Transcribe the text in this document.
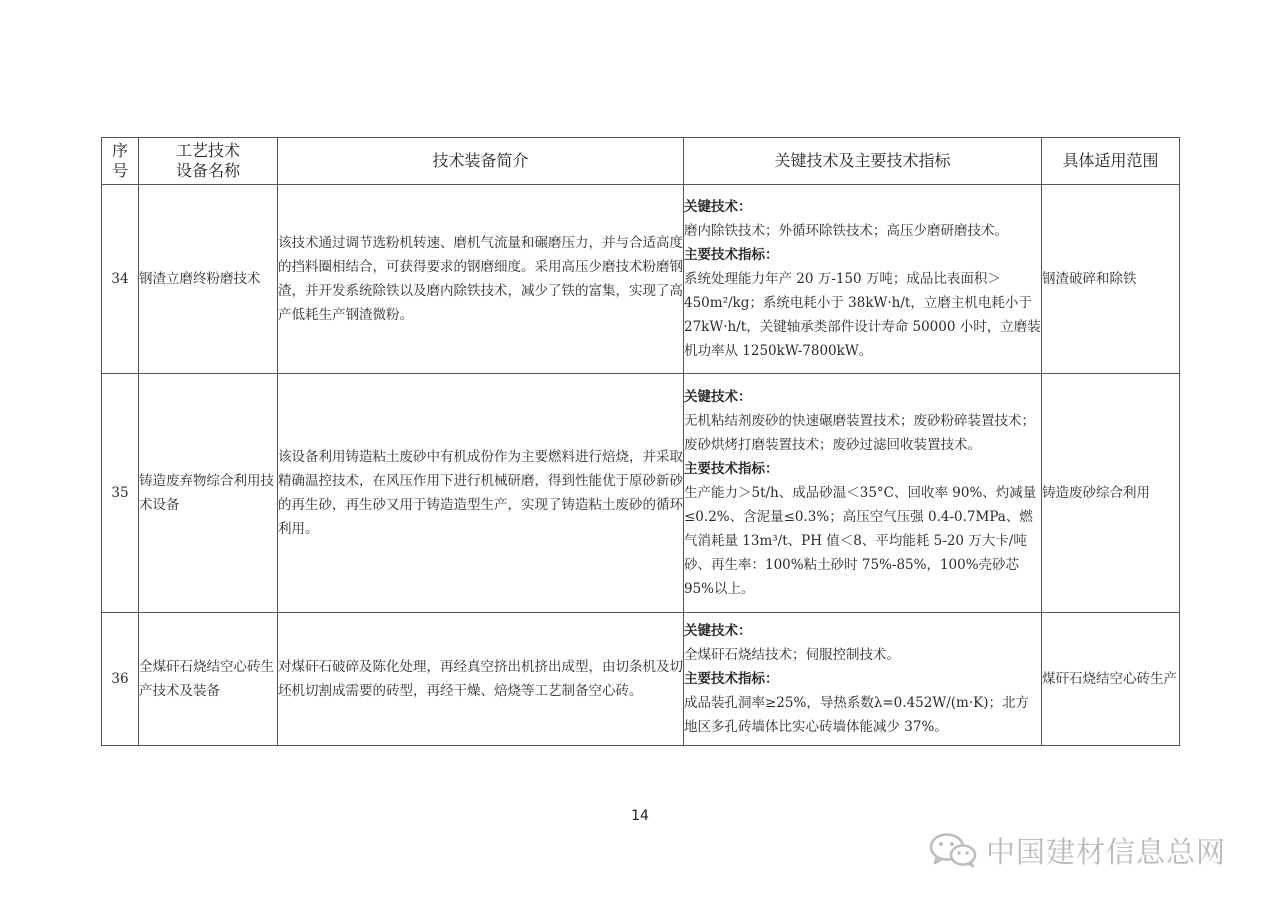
序号	工艺技术设备名称	技术装备简介	关键技术及主要技术指标	具体适用范围
34	钢渣立磨终粉磨技术	该技术通过调节选粉机转速、磨机气流量和碾磨压力，并与合适高度的挡料圈相结合，可获得要求的钢磨细度。采用高压少磨技术粉磨钢渣，并开发系统除铁以及磨内除铁技术，减少了铁的富集，实现了高产低耗生产钢渣微粉。	关键技术：
磨内除铁技术；外循环除铁技术；高压少磨研磨技术。
主要技术指标：
系统处理能力年产 20 万-150 万吨；成品比表面积＞450m²/kg；系统电耗小于 38kW·h/t，立磨主机电耗小于 27kW·h/t，关键轴承类部件设计寿命 50000 小时，立磨装机功率从 1250kW-7800kW。	钢渣破碎和除铁
35	铸造废弃物综合利用技术设备	该设备利用铸造粘土废砂中有机成份作为主要燃料进行焙烧，并采取精确温控技术，在风压作用下进行机械研磨，得到性能优于原砂新砂的再生砂，再生砂又用于铸造造型生产，实现了铸造粘土废砂的循环利用。	关键技术：
无机粘结剂废砂的快速碾磨装置技术；废砂粉碎装置技术；废砂烘烤打磨装置技术；废砂过滤回收装置技术。
主要技术指标：
生产能力＞5t/h、成品砂温＜35°C、回收率 90%、灼减量≤0.2%、含泥量≤0.3%；高压空气压强 0.4-0.7MPa、燃气消耗量 13m³/t、PH 值＜8、平均能耗 5-20 万大卡/吨砂、再生率：100%粘土砂时 75%-85%，100%壳砂芯 95%以上。	铸造废砂综合利用
36	全煤矸石烧结空心砖生产技术及装备	对煤矸石破碎及陈化处理，再经真空挤出机挤出成型，由切条机及切坯机切割成需要的砖型，再经干燥、焙烧等工艺制备空心砖。	关键技术：
全煤矸石烧结技术；伺服控制技术。
主要技术指标：
成品装孔洞率≥25%，导热系数λ=0.452W/(m·K)；北方地区多孔砖墙体比实心砖墙体能减少 37%。	煤矸石烧结空心砖生产
14
中国建材信息总网
